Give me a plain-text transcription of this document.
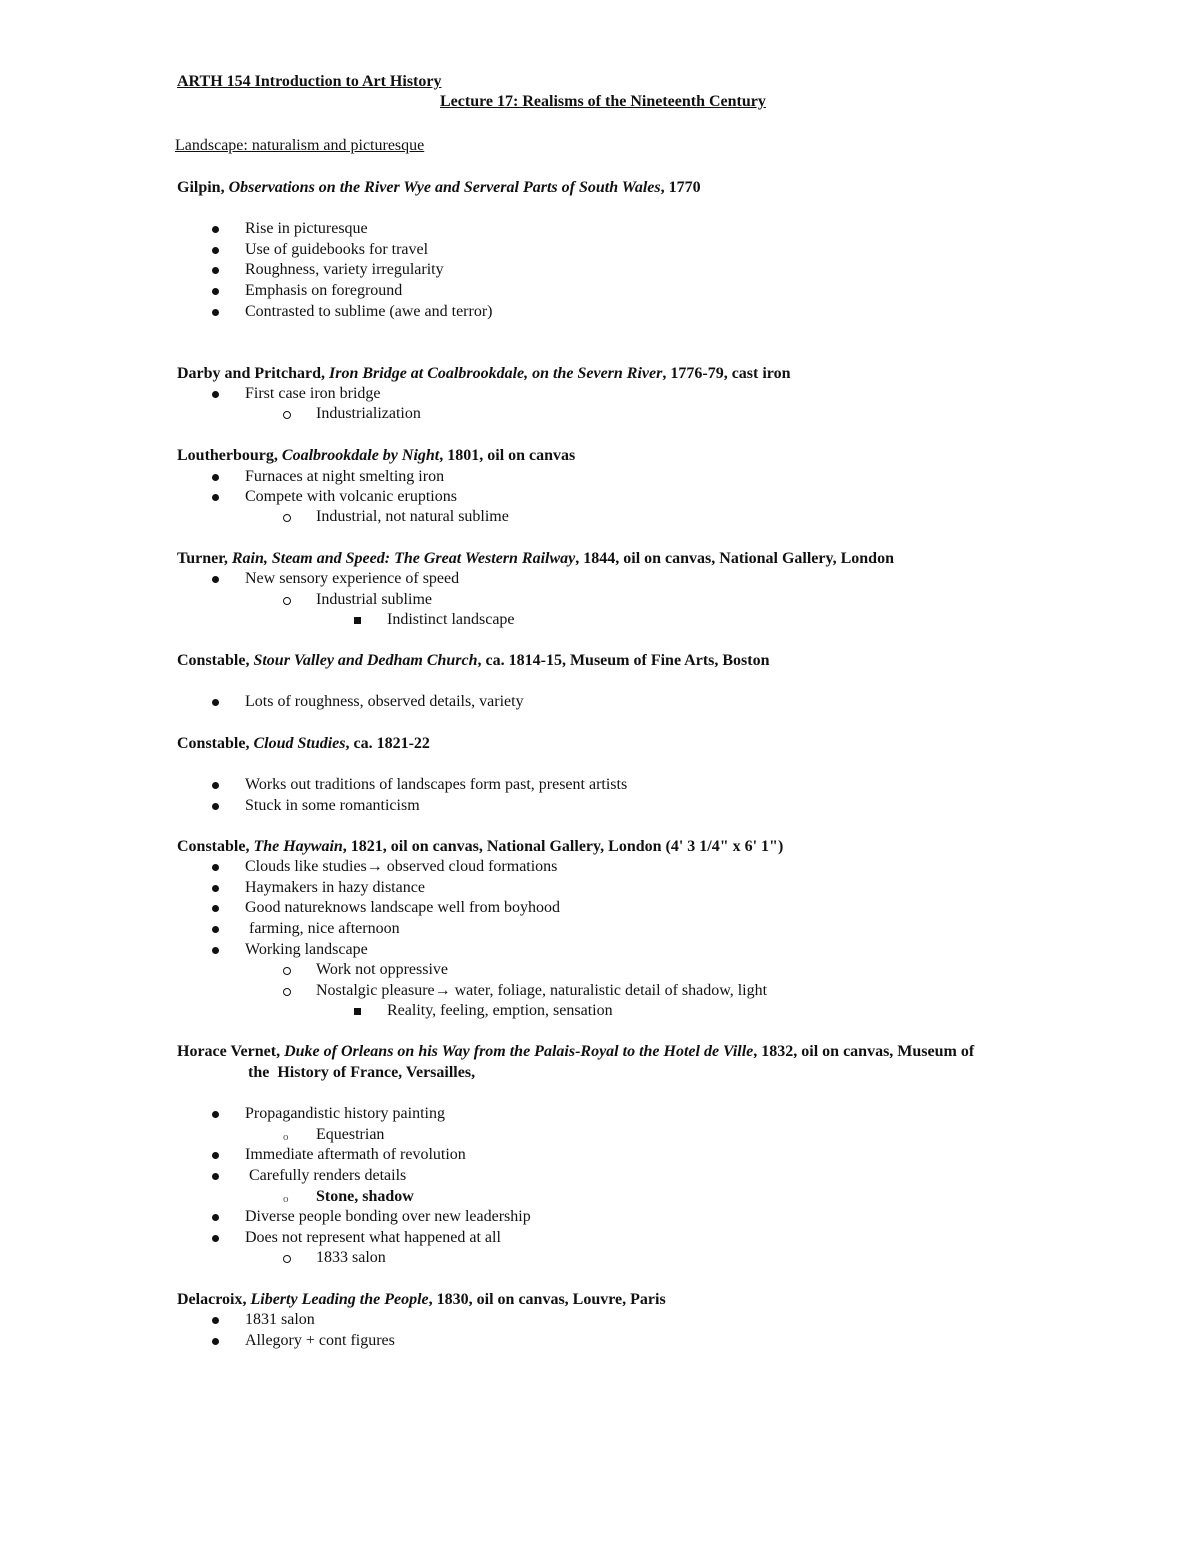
ARTH 154 Introduction to Art History
Lecture 17: Realisms of the Nineteenth Century
Landscape: naturalism and picturesque
Gilpin, Observations on the River Wye and Serveral Parts of South Wales, 1770
Rise in picturesque
Use of guidebooks for travel
Roughness, variety irregularity
Emphasis on foreground
Contrasted to sublime (awe and terror)
Darby and Pritchard, Iron Bridge at Coalbrookdale, on the Severn River, 1776-79, cast iron
First case iron bridge
Industrialization
Loutherbourg, Coalbrookdale by Night, 1801, oil on canvas
Furnaces at night smelting iron
Compete with volcanic eruptions
Industrial, not natural sublime
Turner, Rain, Steam and Speed: The Great Western Railway, 1844, oil on canvas, National Gallery, London
New sensory experience of speed
Industrial sublime
Indistinct landscape
Constable, Stour Valley and Dedham Church, ca. 1814-15, Museum of Fine Arts, Boston
Lots of roughness, observed details, variety
Constable, Cloud Studies, ca. 1821-22
Works out traditions of landscapes form past, present artists
Stuck in some romanticism
Constable, The Haywain, 1821, oil on canvas, National Gallery, London (4' 3 1/4" x 6' 1")
Clouds like studies→ observed cloud formations
Haymakers in hazy distance
Good natureknows landscape well from boyhood
farming, nice afternoon
Working landscape
Work not oppressive
Nostalgic pleasure→ water, foliage, naturalistic detail of shadow, light
Reality, feeling, emption, sensation
Horace Vernet, Duke of Orleans on his Way from the Palais-Royal to the Hotel de Ville, 1832, oil on canvas, Museum of
the  History of France, Versailles,
Propagandistic history painting
o Equestrian
Immediate aftermath of revolution
Carefully renders details
o Stone, shadow
Diverse people bonding over new leadership
Does not represent what happened at all
1833 salon
Delacroix, Liberty Leading the People, 1830, oil on canvas, Louvre, Paris
1831 salon
Allegory + cont figures
